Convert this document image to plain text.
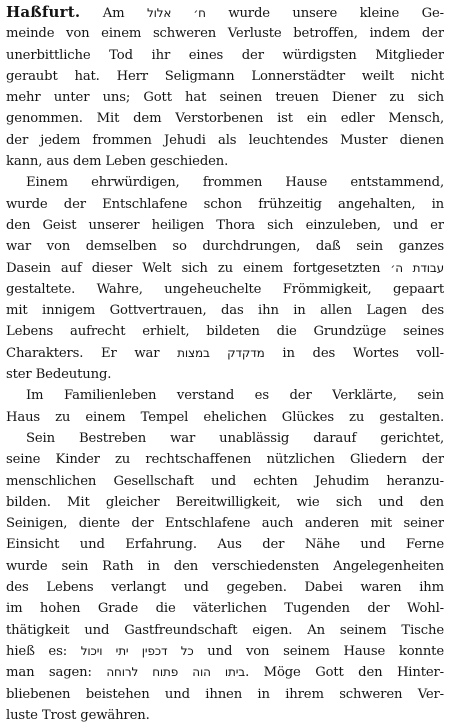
Haßfurt. Am ח׳ אלול wurde unsere kleine Ge-
meinde von einem schweren Verluste betroffen, indem der
unerbittliche Tod ihr eines der würdigsten Mitglieder
geraubt hat. Herr Seligmann Lonnerstädter weilt nicht
mehr unter uns; Gott hat seinen treuen Diener zu sich
genommen. Mit dem Verstorbenen ist ein edler Mensch,
der jedem frommen Jehudi als leuchtendes Muster dienen
kann, aus dem Leben geschieden.
Einem ehrwürdigen, frommen Hause entstammend,
wurde der Entschlafene schon frühzeitig angehalten, in
den Geist unserer heiligen Thora sich einzuleben, und er
war von demselben so durchdrungen, daß sein ganzes
Dasein auf dieser Welt sich zu einem fortgesetzten עבודת ה׳
gestaltete. Wahre, ungeheuchelte Frömmigkeit, gepaart
mit innigem Gottvertrauen, das ihn in allen Lagen des
Lebens aufrecht erhielt, bildeten die Grundzüge seines
Charakters. Er war מדקדק במצות in des Wortes voll-
ster Bedeutung.
Im Familienleben verstand es der Verklärte, sein
Haus zu einem Tempel ehelichen Glückes zu gestalten.
Sein Bestreben war unablässig darauf gerichtet,
seine Kinder zu rechtschaffenen nützlichen Gliedern der
menschlichen Gesellschaft und echten Jehudim heranzu-
bilden. Mit gleicher Bereitwilligkeit, wie sich und den
Seinigen, diente der Entschlafene auch anderen mit seiner
Einsicht und Erfahrung. Aus der Nähe und Ferne
wurde sein Rath in den verschiedensten Angelegenheiten
des Lebens verlangt und gegeben. Dabei waren ihm
im hohen Grade die väterlichen Tugenden der Wohl-
thätigkeit und Gastfreundschaft eigen. An seinem Tische
hieß es: כל דכפין יתי ויכול und von seinem Hause konnte
man sagen: ביתו הוה פתוח לרוחה. Möge Gott den Hinter-
bliebenen beistehen und ihnen in ihrem schweren Ver-
luste Trost gewähren.
